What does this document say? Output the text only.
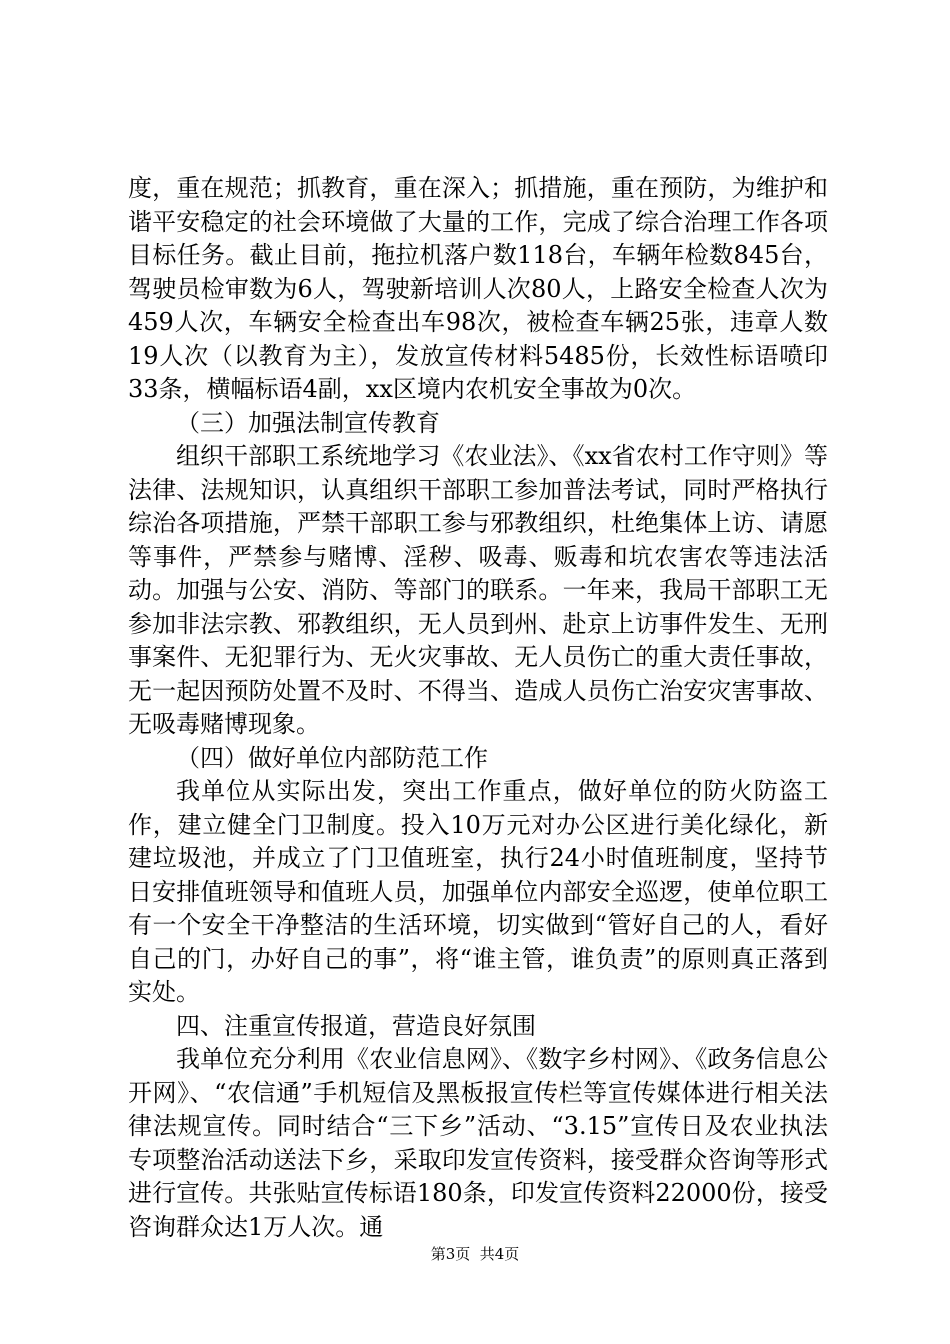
度，重在规范；抓教育，重在深入；抓措施，重在预防，为维护和谐平安稳定的社会环境做了大量的工作，完成了综合治理工作各项目标任务。截止目前，拖拉机落户数118台，车辆年检数845台，驾驶员检审数为6人，驾驶新培训人次80人，上路安全检查人次为459人次，车辆安全检查出车98次，被检查车辆25张，违章人数19人次（以教育为主），发放宣传材料5485份，长效性标语喷印33条，横幅标语4副，xx区境内农机安全事故为0次。

（三）加强法制宣传教育

组织干部职工系统地学习《农业法》、《xx省农村工作守则》等法律、法规知识，认真组织干部职工参加普法考试，同时严格执行综治各项措施，严禁干部职工参与邪教组织，杜绝集体上访、请愿等事件，严禁参与赌博、淫秽、吸毒、贩毒和坑农害农等违法活动。加强与公安、消防、等部门的联系。一年来，我局干部职工无参加非法宗教、邪教组织，无人员到州、赴京上访事件发生、无刑事案件、无犯罪行为、无火灾事故、无人员伤亡的重大责任事故，无一起因预防处置不及时、不得当、造成人员伤亡治安灾害事故、无吸毒赌博现象。

（四）做好单位内部防范工作

我单位从实际出发，突出工作重点，做好单位的防火防盗工作，建立健全门卫制度。投入10万元对办公区进行美化绿化，新建垃圾池，并成立了门卫值班室，执行24小时值班制度，坚持节日安排值班领导和值班人员，加强单位内部安全巡逻，使单位职工有一个安全干净整洁的生活环境，切实做到“管好自己的人，看好自己的门，办好自己的事”，将“谁主管，谁负责”的原则真正落到实处。

四、注重宣传报道，营造良好氛围

我单位充分利用《农业信息网》、《数字乡村网》、《政务信息公开网》、“农信通”手机短信及黑板报宣传栏等宣传媒体进行相关法律法规宣传。同时结合“三下乡”活动、“3.15”宣传日及农业执法专项整治活动送法下乡，采取印发宣传资料，接受群众咨询等形式进行宣传。共张贴宣传标语180条，印发宣传资料22000份，接受咨询群众达1万人次。通

第3页  共4页
